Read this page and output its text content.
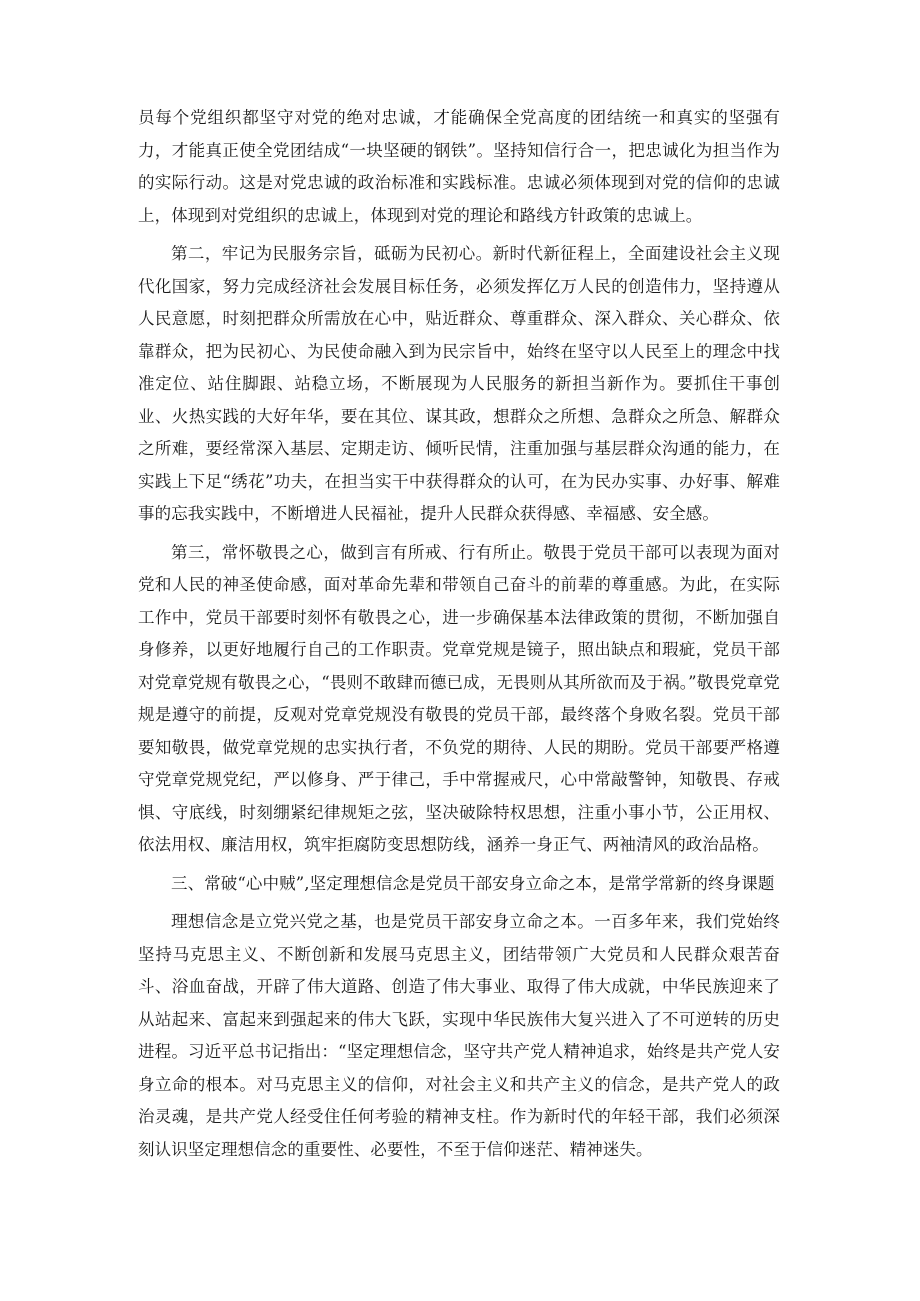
员每个党组织都坚守对党的绝对忠诚，才能确保全党高度的团结统一和真实的坚强有力，才能真正使全党团结成“一块坚硬的钢铁”。坚持知信行合一，把忠诚化为担当作为的实际行动。这是对党忠诚的政治标准和实践标准。忠诚必须体现到对党的信仰的忠诚上，体现到对党组织的忠诚上，体现到对党的理论和路线方针政策的忠诚上。

第二，牢记为民服务宗旨，砥砺为民初心。新时代新征程上，全面建设社会主义现代化国家，努力完成经济社会发展目标任务，必须发挥亿万人民的创造伟力，坚持遵从人民意愿，时刻把群众所需放在心中，贴近群众、尊重群众、深入群众、关心群众、依靠群众，把为民初心、为民使命融入到为民宗旨中，始终在坚守以人民至上的理念中找准定位、站住脚跟、站稳立场，不断展现为人民服务的新担当新作为。要抓住干事创业、火热实践的大好年华，要在其位、谋其政，想群众之所想、急群众之所急、解群众之所难，要经常深入基层、定期走访、倾听民情，注重加强与基层群众沟通的能力，在实践上下足“绣花”功夫，在担当实干中获得群众的认可，在为民办实事、办好事、解难事的忘我实践中，不断增进人民福祉，提升人民群众获得感、幸福感、安全感。

第三，常怀敬畏之心，做到言有所戒、行有所止。敬畏于党员干部可以表现为面对党和人民的神圣使命感，面对革命先辈和带领自己奋斗的前辈的尊重感。为此，在实际工作中，党员干部要时刻怀有敬畏之心，进一步确保基本法律政策的贯彻，不断加强自身修养，以更好地履行自己的工作职责。党章党规是镜子，照出缺点和瑕疵，党员干部对党章党规有敬畏之心，“畏则不敢肆而德已成，无畏则从其所欲而及于祸。”敬畏党章党规是遵守的前提，反观对党章党规没有敬畏的党员干部，最终落个身败名裂。党员干部要知敬畏，做党章党规的忠实执行者，不负党的期待、人民的期盼。党员干部要严格遵守党章党规党纪，严以修身、严于律己，手中常握戒尺，心中常敲警钟，知敬畏、存戒惧、守底线，时刻绷紧纪律规矩之弦，坚决破除特权思想，注重小事小节，公正用权、依法用权、廉洁用权，筑牢拒腐防变思想防线，涵养一身正气、两袖清风的政治品格。

三、常破“心中贼”,坚定理想信念是党员干部安身立命之本，是常学常新的终身课题

理想信念是立党兴党之基，也是党员干部安身立命之本。一百多年来，我们党始终坚持马克思主义、不断创新和发展马克思主义，团结带领广大党员和人民群众艰苦奋斗、浴血奋战，开辟了伟大道路、创造了伟大事业、取得了伟大成就，中华民族迎来了从站起来、富起来到强起来的伟大飞跃，实现中华民族伟大复兴进入了不可逆转的历史进程。习近平总书记指出：“坚定理想信念，坚守共产党人精神追求，始终是共产党人安身立命的根本。对马克思主义的信仰，对社会主义和共产主义的信念，是共产党人的政治灵魂，是共产党人经受住任何考验的精神支柱。作为新时代的年轻干部，我们必须深刻认识坚定理想信念的重要性、必要性，不至于信仰迷茫、精神迷失。
